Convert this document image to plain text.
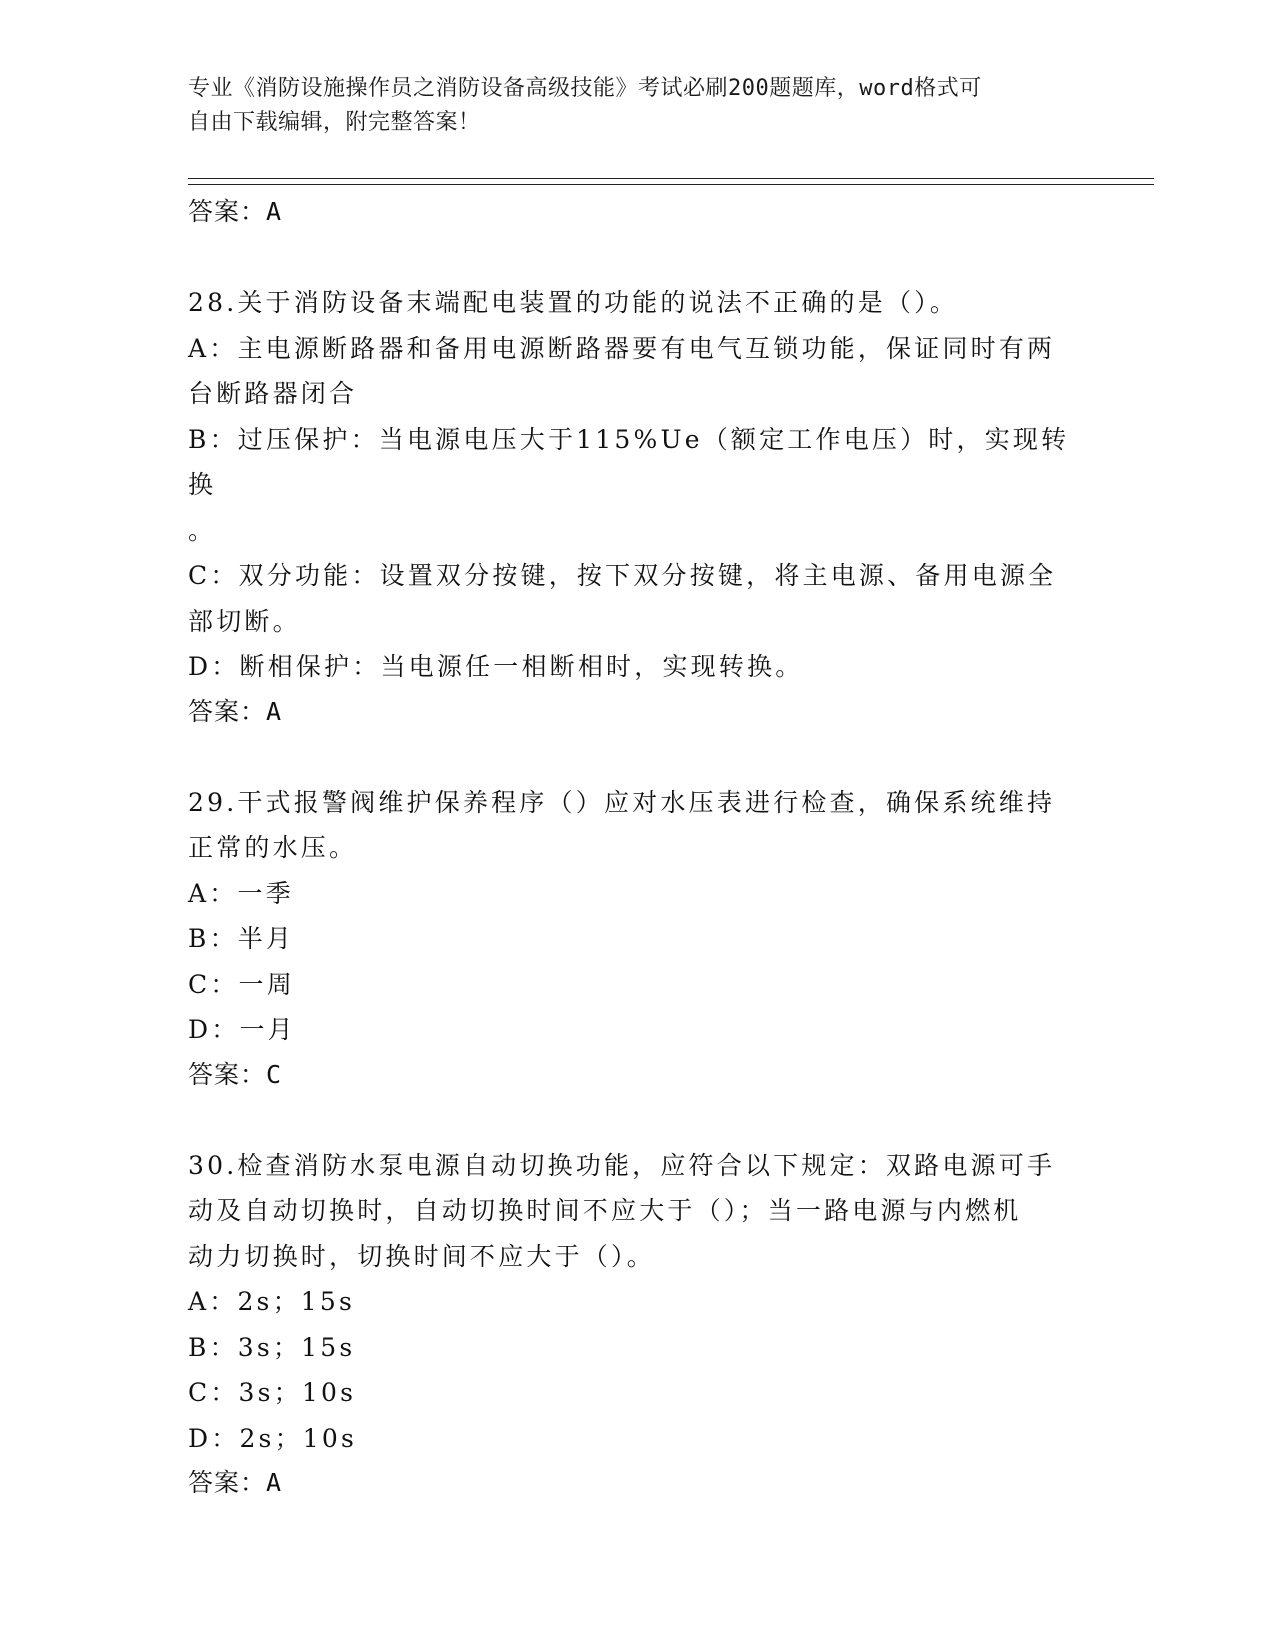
专业《消防设施操作员之消防设备高级技能》考试必刷200题题库，word格式可
自由下载编辑，附完整答案！
答案：A
28.关于消防设备末端配电装置的功能的说法不正确的是（）。
A：主电源断路器和备用电源断路器要有电气互锁功能，保证同时有两
台断路器闭合
B：过压保护：当电源电压大于115%Ue（额定工作电压）时，实现转换
。
C：双分功能：设置双分按键，按下双分按键，将主电源、备用电源全
部切断。
D：断相保护：当电源任一相断相时，实现转换。
答案：A
29.干式报警阀维护保养程序（）应对水压表进行检查，确保系统维持
正常的水压。
A：一季
B：半月
C：一周
D：一月
答案：C
30.检查消防水泵电源自动切换功能，应符合以下规定：双路电源可手
动及自动切换时，自动切换时间不应大于（）；当一路电源与内燃机
动力切换时，切换时间不应大于（）。
A：2s；15s
B：3s；15s
C：3s；10s
D：2s；10s
答案：A
